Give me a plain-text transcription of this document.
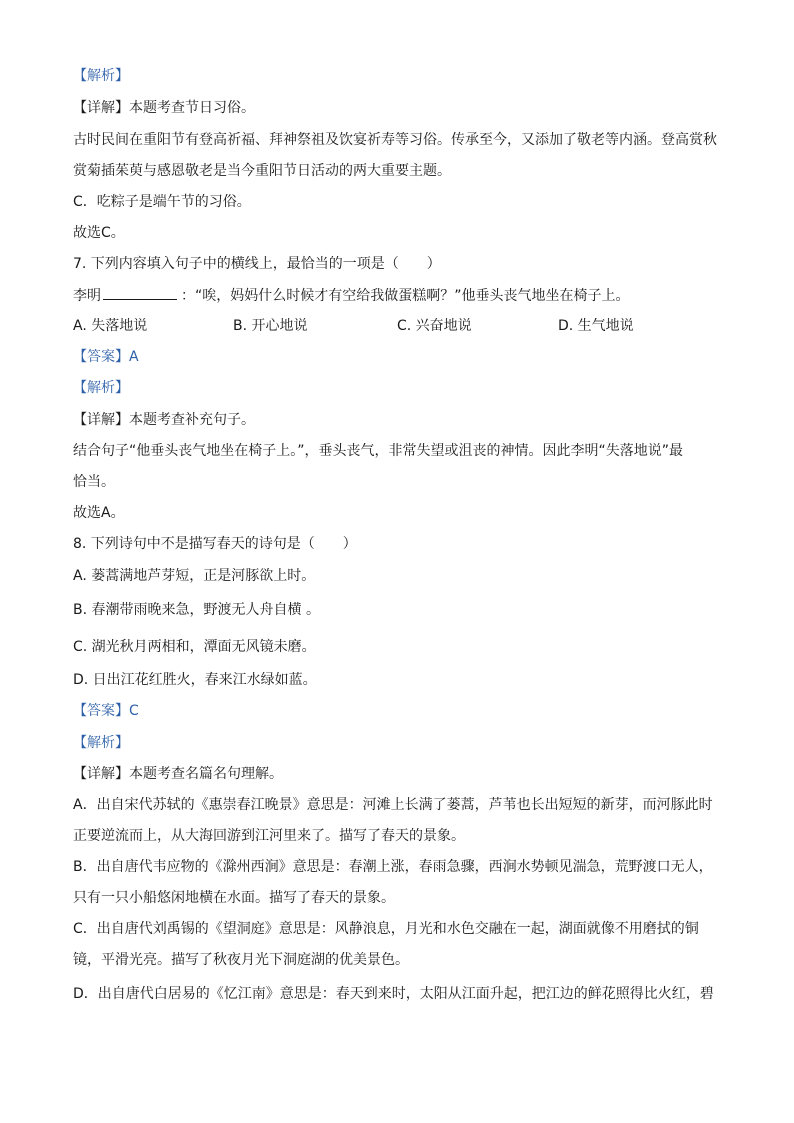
【解析】

【详解】本题考查节日习俗。

古时民间在重阳节有登高祈福、拜神祭祖及饮宴祈寿等习俗。传承至今，又添加了敬老等内涵。登高赏秋

赏菊插茱萸与感恩敬老是当今重阳节日活动的两大重要主题。

C．吃粽子是端午节的习俗。

故选C。

7. 下列内容填入句子中的横线上，最恰当的一项是（　　）

李明	：“唉，妈妈什么时候才有空给我做蛋糕啊？”他垂头丧气地坐在椅子上。

A. 失落地说	B. 开心地说	C. 兴奋地说	D. 生气地说

【答案】A

【解析】

【详解】本题考查补充句子。

结合句子“他垂头丧气地坐在椅子上。”，垂头丧气，非常失望或沮丧的神情。因此李明“失落地说”最

恰当。

故选A。

8. 下列诗句中不是描写春天的诗句是（　　）

A. 蒌蒿满地芦芽短，正是河豚欲上时。

B. 春潮带雨晚来急，野渡无人舟自横 。

C. 湖光秋月两相和，潭面无风镜未磨。

D. 日出江花红胜火，春来江水绿如蓝。

【答案】C

【解析】

【详解】本题考查名篇名句理解。

A．出自宋代苏轼的《惠崇春江晚景》意思是：河滩上长满了蒌蒿，芦苇也长出短短的新芽，而河豚此时

正要逆流而上，从大海回游到江河里来了。描写了春天的景象。

B．出自唐代韦应物的《滁州西涧》意思是：春潮上涨，春雨急骤，西涧水势顿见湍急，荒野渡口无人，

只有一只小船悠闲地横在水面。描写了春天的景象。

C．出自唐代刘禹锡的《望洞庭》意思是：风静浪息，月光和水色交融在一起，湖面就像不用磨拭的铜

镜，平滑光亮。描写了秋夜月光下洞庭湖的优美景色。

D．出自唐代白居易的《忆江南》意思是：春天到来时，太阳从江面升起，把江边的鲜花照得比火红，碧
